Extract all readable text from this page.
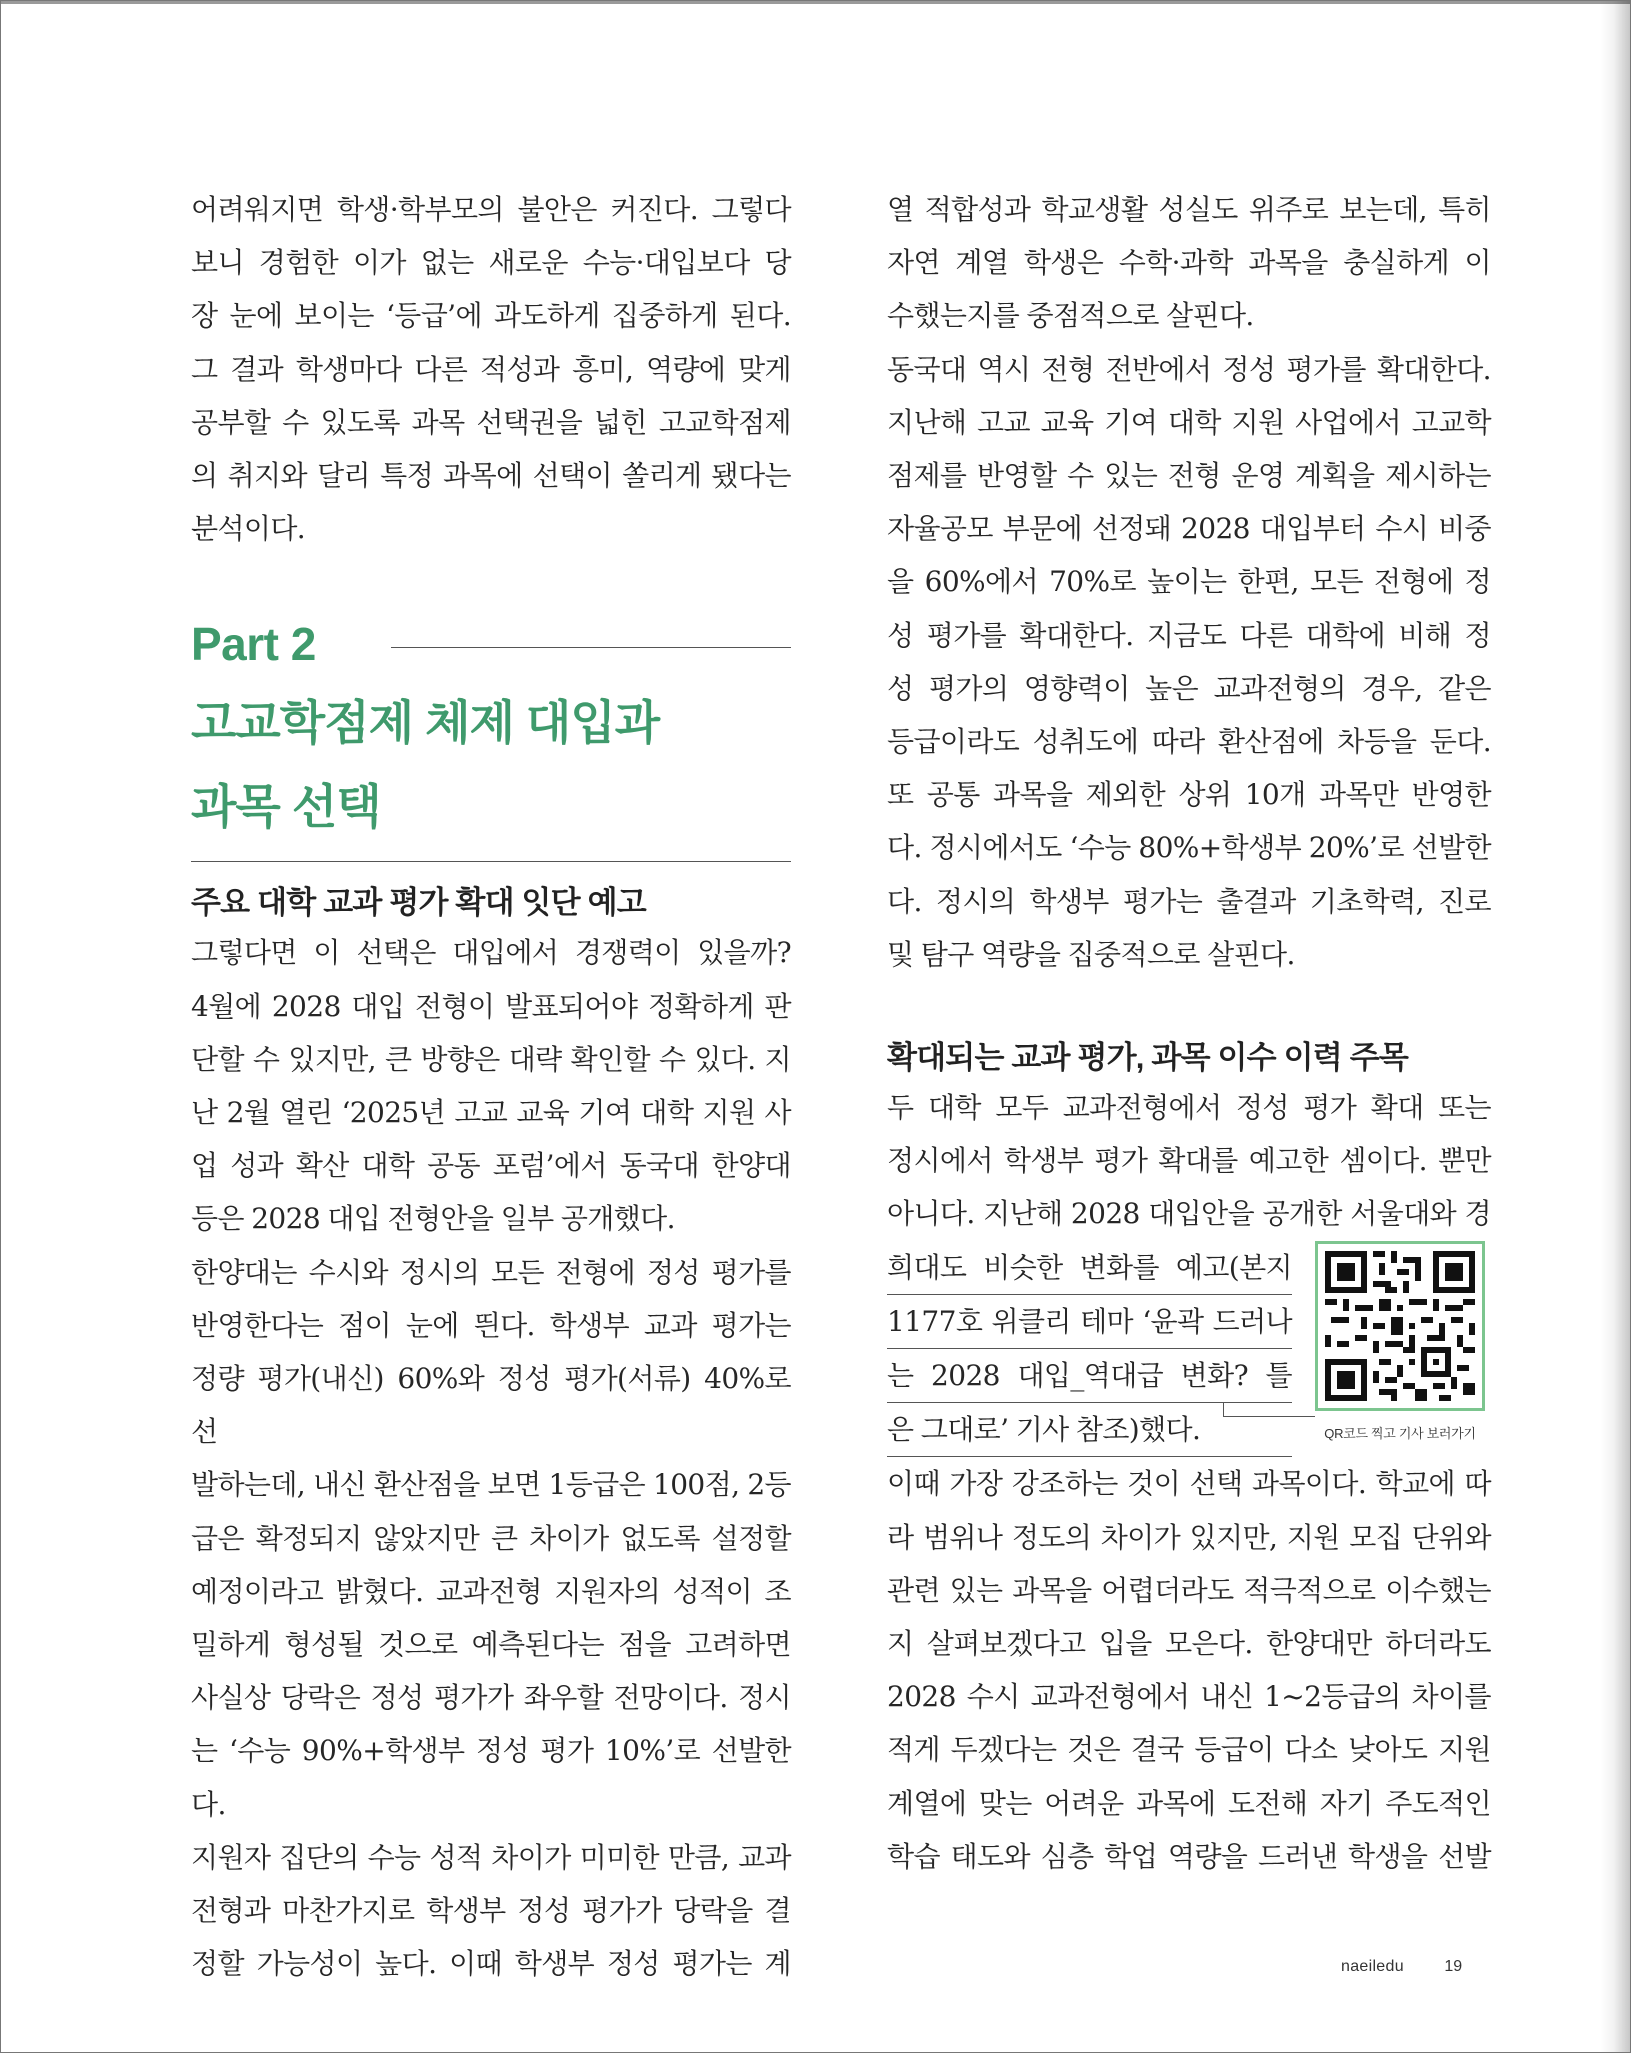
어려워지면 학생·학부모의 불안은 커진다. 그렇다

보니 경험한 이가 없는 새로운 수능·대입보다 당

장 눈에 보이는 ‘등급’에 과도하게 집중하게 된다.

그 결과 학생마다 다른 적성과 흥미, 역량에 맞게

공부할 수 있도록 과목 선택권을 넓힌 고교학점제

의 취지와 달리 특정 과목에 선택이 쏠리게 됐다는

분석이다.

Part 2
고교학점제 체제 대입과
과목 선택
주요 대학 교과 평가 확대 잇단 예고

그렇다면 이 선택은 대입에서 경쟁력이 있을까?

4월에 2028 대입 전형이 발표되어야 정확하게 판

단할 수 있지만, 큰 방향은 대략 확인할 수 있다. 지

난 2월 열린 ‘2025년 고교 교육 기여 대학 지원 사

업 성과 확산 대학 공동 포럼’에서 동국대 한양대

등은 2028 대입 전형안을 일부 공개했다.

한양대는 수시와 정시의 모든 전형에 정성 평가를

반영한다는 점이 눈에 띈다. 학생부 교과 평가는

정량 평가(내신) 60%와 정성 평가(서류) 40%로 선

발하는데, 내신 환산점을 보면 1등급은 100점, 2등

급은 확정되지 않았지만 큰 차이가 없도록 설정할

예정이라고 밝혔다. 교과전형 지원자의 성적이 조

밀하게 형성될 것으로 예측된다는 점을 고려하면

사실상 당락은 정성 평가가 좌우할 전망이다. 정시

는 ‘수능 90%+학생부 정성 평가 10%’로 선발한다.

지원자 집단의 수능 성적 차이가 미미한 만큼, 교과

전형과 마찬가지로 학생부 정성 평가가 당락을 결

정할 가능성이 높다. 이때 학생부 정성 평가는 계

열 적합성과 학교생활 성실도 위주로 보는데, 특히

자연 계열 학생은 수학·과학 과목을 충실하게 이

수했는지를 중점적으로 살핀다.

동국대 역시 전형 전반에서 정성 평가를 확대한다.

지난해 고교 교육 기여 대학 지원 사업에서 고교학

점제를 반영할 수 있는 전형 운영 계획을 제시하는

자율공모 부문에 선정돼 2028 대입부터 수시 비중

을 60%에서 70%로 높이는 한편, 모든 전형에 정

성 평가를 확대한다. 지금도 다른 대학에 비해 정

성 평가의 영향력이 높은 교과전형의 경우, 같은

등급이라도 성취도에 따라 환산점에 차등을 둔다.

또 공통 과목을 제외한 상위 10개 과목만 반영한

다. 정시에서도 ‘수능 80%+학생부 20%’로 선발한

다. 정시의 학생부 평가는 출결과 기초학력, 진로

및 탐구 역량을 집중적으로 살핀다.

확대되는 교과 평가, 과목 이수 이력 주목

두 대학 모두 교과전형에서 정성 평가 확대 또는

정시에서 학생부 평가 확대를 예고한 셈이다. 뿐만

아니다. 지난해 2028 대입안을 공개한 서울대와 경

희대도 비슷한 변화를 예고(본지

1177호 위클리 테마 ‘윤곽 드러나

는 2028 대입_역대급 변화? 틀

은 그대로’ 기사 참조)했다.	QR코드 찍고 기사 보러가기

이때 가장 강조하는 것이 선택 과목이다. 학교에 따

라 범위나 정도의 차이가 있지만, 지원 모집 단위와

관련 있는 과목을 어렵더라도 적극적으로 이수했는

지 살펴보겠다고 입을 모은다. 한양대만 하더라도

2028 수시 교과전형에서 내신 1~2등급의 차이를

적게 두겠다는 것은 결국 등급이 다소 낮아도 지원

계열에 맞는 어려운 과목에 도전해 자기 주도적인

학습 태도와 심층 학업 역량을 드러낸 학생을 선발

naeiledu	19
